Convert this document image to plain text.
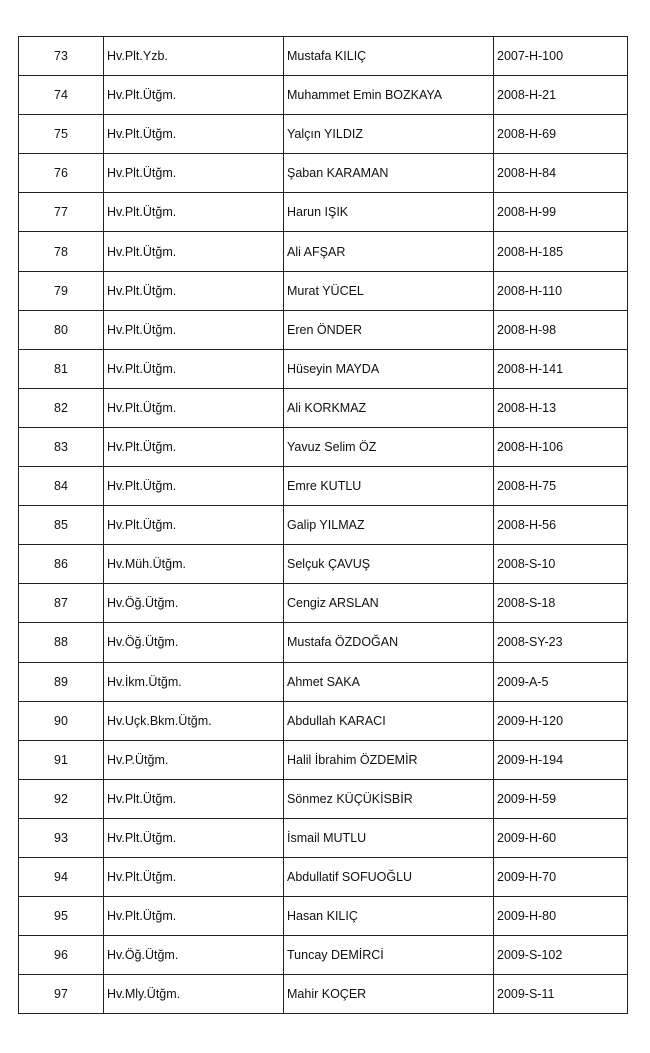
73	Hv.Plt.Yzb.	Mustafa KILIÇ	2007-H-100
74	Hv.Plt.Ütğm.	Muhammet Emin BOZKAYA	2008-H-21
75	Hv.Plt.Ütğm.	Yalçın YILDIZ	2008-H-69
76	Hv.Plt.Ütğm.	Şaban KARAMAN	2008-H-84
77	Hv.Plt.Ütğm.	Harun IŞIK	2008-H-99
78	Hv.Plt.Ütğm.	Ali AFŞAR	2008-H-185
79	Hv.Plt.Ütğm.	Murat YÜCEL	2008-H-110
80	Hv.Plt.Ütğm.	Eren ÖNDER	2008-H-98
81	Hv.Plt.Ütğm.	Hüseyin MAYDA	2008-H-141
82	Hv.Plt.Ütğm.	Ali KORKMAZ	2008-H-13
83	Hv.Plt.Ütğm.	Yavuz Selim ÖZ	2008-H-106
84	Hv.Plt.Ütğm.	Emre KUTLU	2008-H-75
85	Hv.Plt.Ütğm.	Galip YILMAZ	2008-H-56
86	Hv.Müh.Ütğm.	Selçuk ÇAVUŞ	2008-S-10
87	Hv.Öğ.Ütğm.	Cengiz ARSLAN	2008-S-18
88	Hv.Öğ.Ütğm.	Mustafa ÖZDOĞAN	2008-SY-23
89	Hv.İkm.Ütğm.	Ahmet SAKA	2009-A-5
90	Hv.Uçk.Bkm.Ütğm.	Abdullah KARACI	2009-H-120
91	Hv.P.Ütğm.	Halil İbrahim ÖZDEMİR	2009-H-194
92	Hv.Plt.Ütğm.	Sönmez KÜÇÜKİSBİR	2009-H-59
93	Hv.Plt.Ütğm.	İsmail MUTLU	2009-H-60
94	Hv.Plt.Ütğm.	Abdullatif SOFUOĞLU	2009-H-70
95	Hv.Plt.Ütğm.	Hasan KILIÇ	2009-H-80
96	Hv.Öğ.Ütğm.	Tuncay DEMİRCİ	2009-S-102
97	Hv.Mly.Ütğm.	Mahir KOÇER	2009-S-11
